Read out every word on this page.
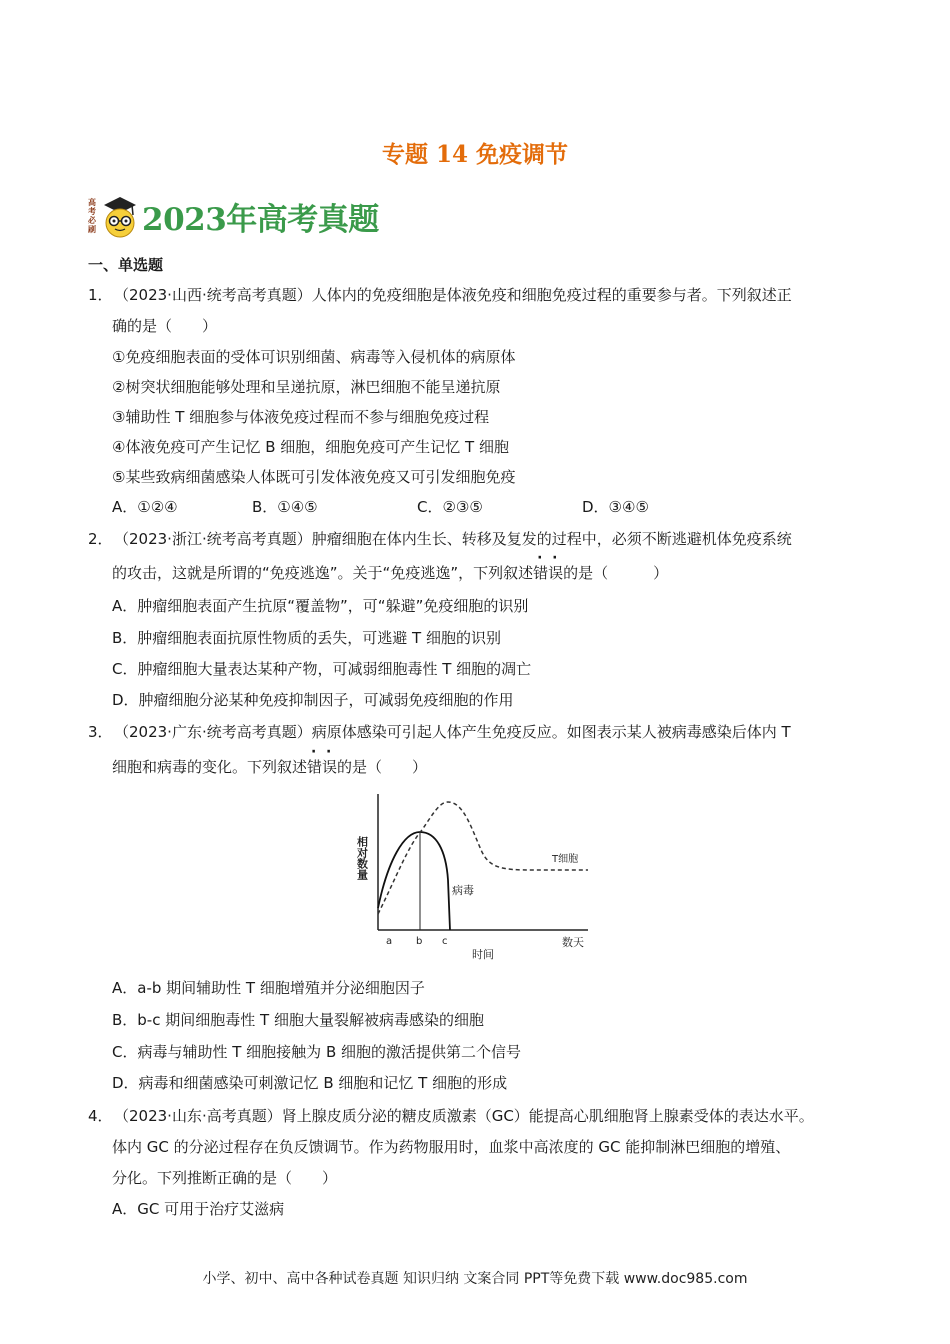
专题 14 免疫调节
高
考
必
刷 2023年高考真题
一、单选题
1． （2023·山西·统考高考真题）人体内的免疫细胞是体液免疫和细胞免疫过程的重要参与者。下列叙述正
确的是（　　）
①免疫细胞表面的受体可识别细菌、病毒等入侵机体的病原体
②树突状细胞能够处理和呈递抗原，淋巴细胞不能呈递抗原
③辅助性 T 细胞参与体液免疫过程而不参与细胞免疫过程
④体液免疫可产生记忆 B 细胞，细胞免疫可产生记忆 T 细胞
⑤某些致病细菌感染人体既可引发体液免疫又可引发细胞免疫
A．①②④	B．①④⑤	C．②③⑤	D．③④⑤
2． （2023·浙江·统考高考真题）肿瘤细胞在体内生长、转移及复发的过程中，必须不断逃避机体免疫系统
的攻击，这就是所谓的“免疫逃逸”。关于“免疫逃逸”，下列叙述错误的是（　　　）
A．肿瘤细胞表面产生抗原“覆盖物”，可“躲避”免疫细胞的识别
B．肿瘤细胞表面抗原性物质的丢失，可逃避 T 细胞的识别
C．肿瘤细胞大量表达某种产物，可减弱细胞毒性 T 细胞的凋亡
D．肿瘤细胞分泌某种免疫抑制因子，可减弱免疫细胞的作用
3． （2023·广东·统考高考真题）病原体感染可引起人体产生免疫反应。如图表示某人被病毒感染后体内 T
细胞和病毒的变化。下列叙述错误的是（　　）
相对数量
病毒
T细胞
a b c
时间
数天
A．a-b 期间辅助性 T 细胞增殖并分泌细胞因子
B．b-c 期间细胞毒性 T 细胞大量裂解被病毒感染的细胞
C．病毒与辅助性 T 细胞接触为 B 细胞的激活提供第二个信号
D．病毒和细菌感染可刺激记忆 B 细胞和记忆 T 细胞的形成
4． （2023·山东·高考真题）肾上腺皮质分泌的糖皮质激素（GC）能提高心肌细胞肾上腺素受体的表达水平。
体内 GC 的分泌过程存在负反馈调节。作为药物服用时，血浆中高浓度的 GC 能抑制淋巴细胞的增殖、
分化。下列推断正确的是（　　）
A．GC 可用于治疗艾滋病
小学、初中、高中各种试卷真题 知识归纳 文案合同 PPT等免费下载 www.doc985.com
